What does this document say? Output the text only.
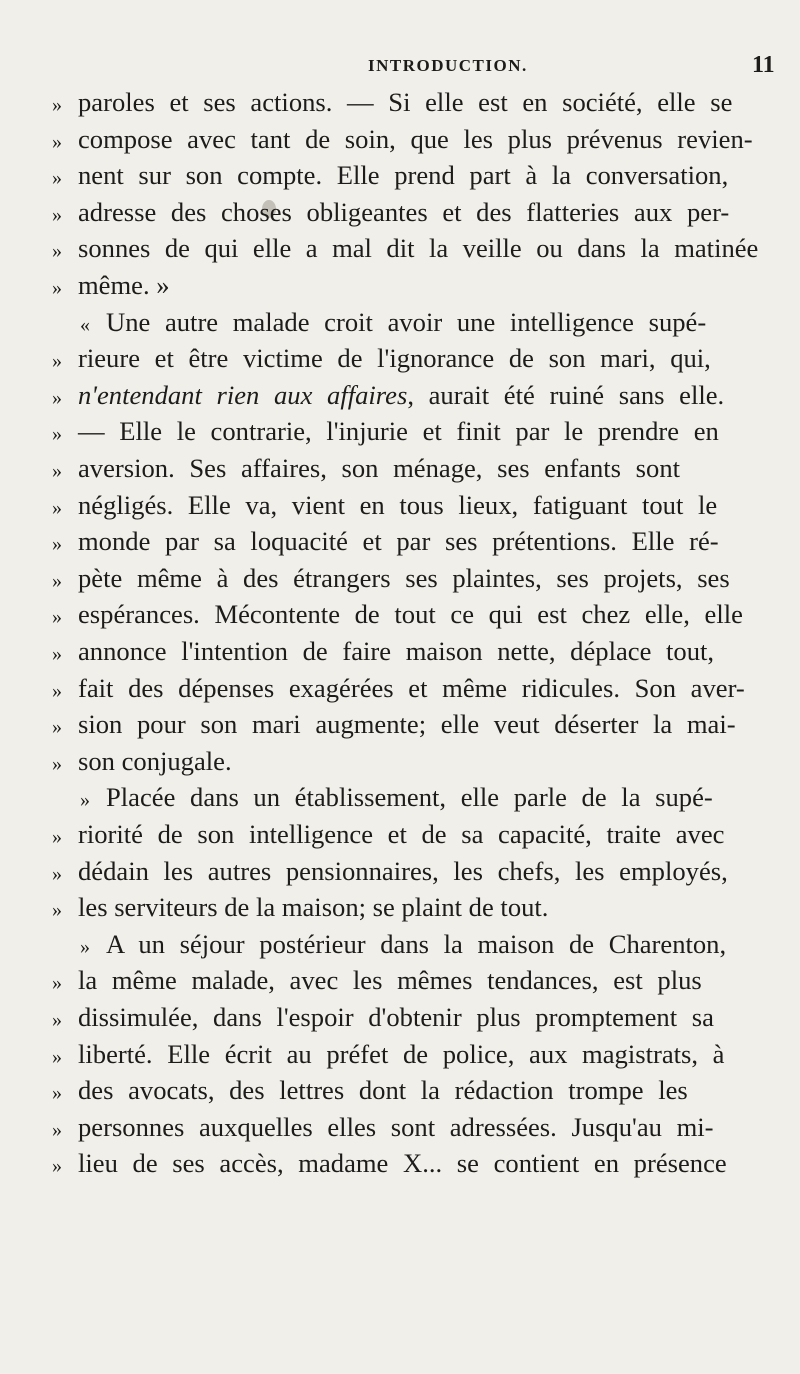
INTRODUCTION.	11
» paroles et ses actions. — Si elle est en société, elle se
» compose avec tant de soin, que les plus prévenus revien-
» nent sur son compte. Elle prend part à la conversation,
» adresse des choses obligeantes et des flatteries aux per-
» sonnes de qui elle a mal dit la veille ou dans la matinée
» même. »
« Une autre malade croit avoir une intelligence supé-
» rieure et être victime de l'ignorance de son mari, qui,
» n'entendant rien aux affaires, aurait été ruiné sans elle.
» — Elle le contrarie, l'injurie et finit par le prendre en
» aversion. Ses affaires, son ménage, ses enfants sont
» négligés. Elle va, vient en tous lieux, fatiguant tout le
» monde par sa loquacité et par ses prétentions. Elle ré-
» pète même à des étrangers ses plaintes, ses projets, ses
» espérances. Mécontente de tout ce qui est chez elle, elle
» annonce l'intention de faire maison nette, déplace tout,
» fait des dépenses exagérées et même ridicules. Son aver-
» sion pour son mari augmente; elle veut déserter la mai-
» son conjugale.
» Placée dans un établissement, elle parle de la supé-
» riorité de son intelligence et de sa capacité, traite avec
» dédain les autres pensionnaires, les chefs, les employés,
» les serviteurs de la maison; se plaint de tout.
» A un séjour postérieur dans la maison de Charenton,
» la même malade, avec les mêmes tendances, est plus
» dissimulée, dans l'espoir d'obtenir plus promptement sa
» liberté. Elle écrit au préfet de police, aux magistrats, à
» des avocats, des lettres dont la rédaction trompe les
» personnes auxquelles elles sont adressées. Jusqu'au mi-
» lieu de ses accès, madame X... se contient en présence
